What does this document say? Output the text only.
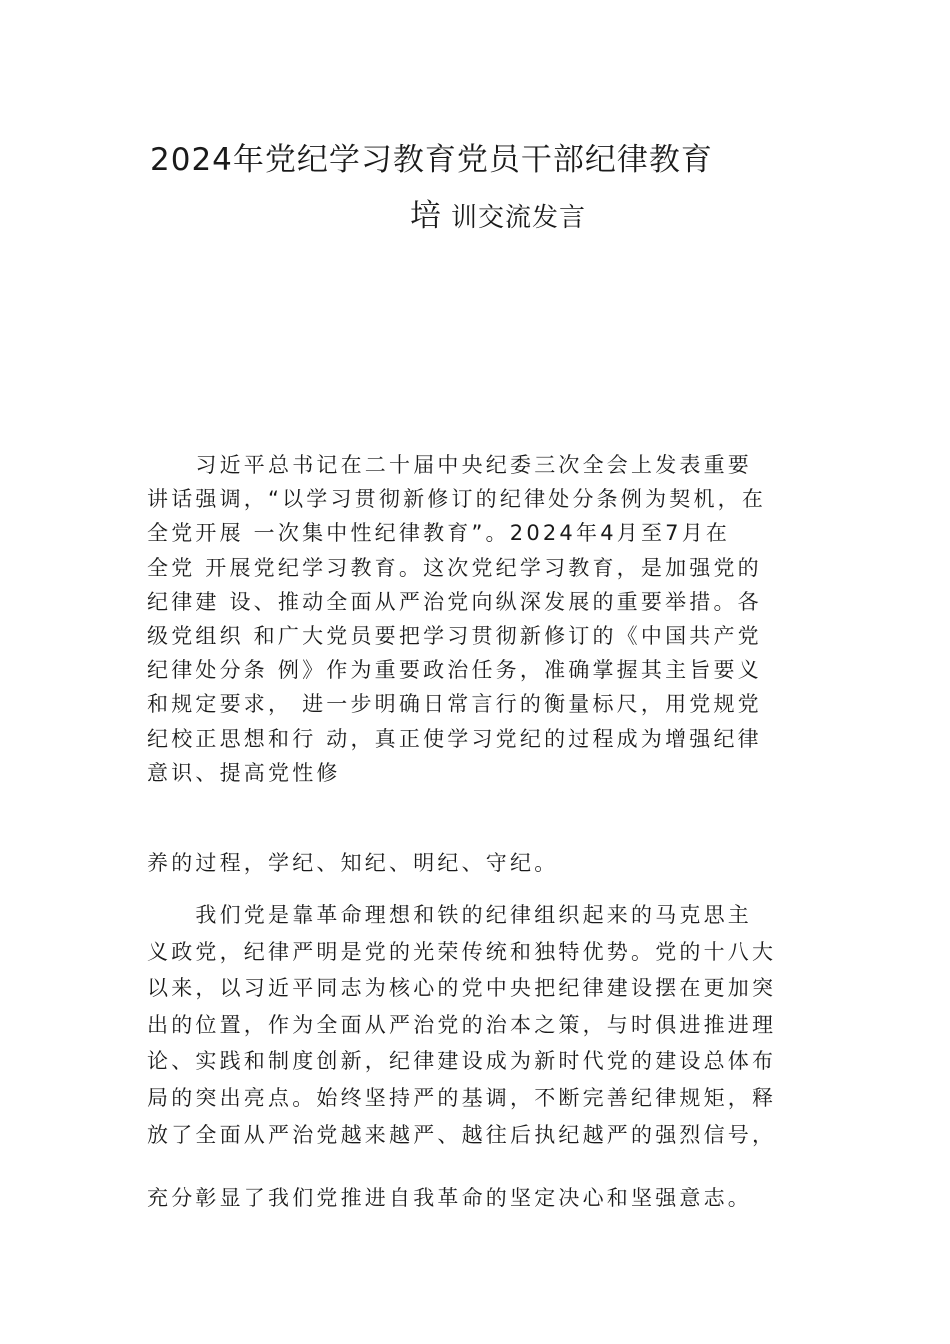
2024年党纪学习教育党员干部纪律教育
培 训交流发言
　　习近平总书记在二十届中央纪委三次全会上发表重要
讲话强调，“以学习贯彻新修订的纪律处分条例为契机，在
全党开展 一次集中性纪律教育”。2024年4月至7月在
全党 开展党纪学习教育。这次党纪学习教育，是加强党的
纪律建 设、推动全面从严治党向纵深发展的重要举措。各
级党组织 和广大党员要把学习贯彻新修订的《中国共产党
纪律处分条 例》作为重要政治任务，准确掌握其主旨要义
和规定要求， 进一步明确日常言行的衡量标尺，用党规党
纪校正思想和行 动，真正使学习党纪的过程成为增强纪律
意识、提高党性修
养的过程，学纪、知纪、明纪、守纪。
　　我们党是靠革命理想和铁的纪律组织起来的马克思主
义政党，纪律严明是党的光荣传统和独特优势。党的十八大
以来，以习近平同志为核心的党中央把纪律建设摆在更加突
出的位置，作为全面从严治党的治本之策，与时俱进推进理
论、实践和制度创新，纪律建设成为新时代党的建设总体布
局的突出亮点。始终坚持严的基调，不断完善纪律规矩，释
放了全面从严治党越来越严、越往后执纪越严的强烈信号，
充分彰显了我们党推进自我革命的坚定决心和坚强意志。
